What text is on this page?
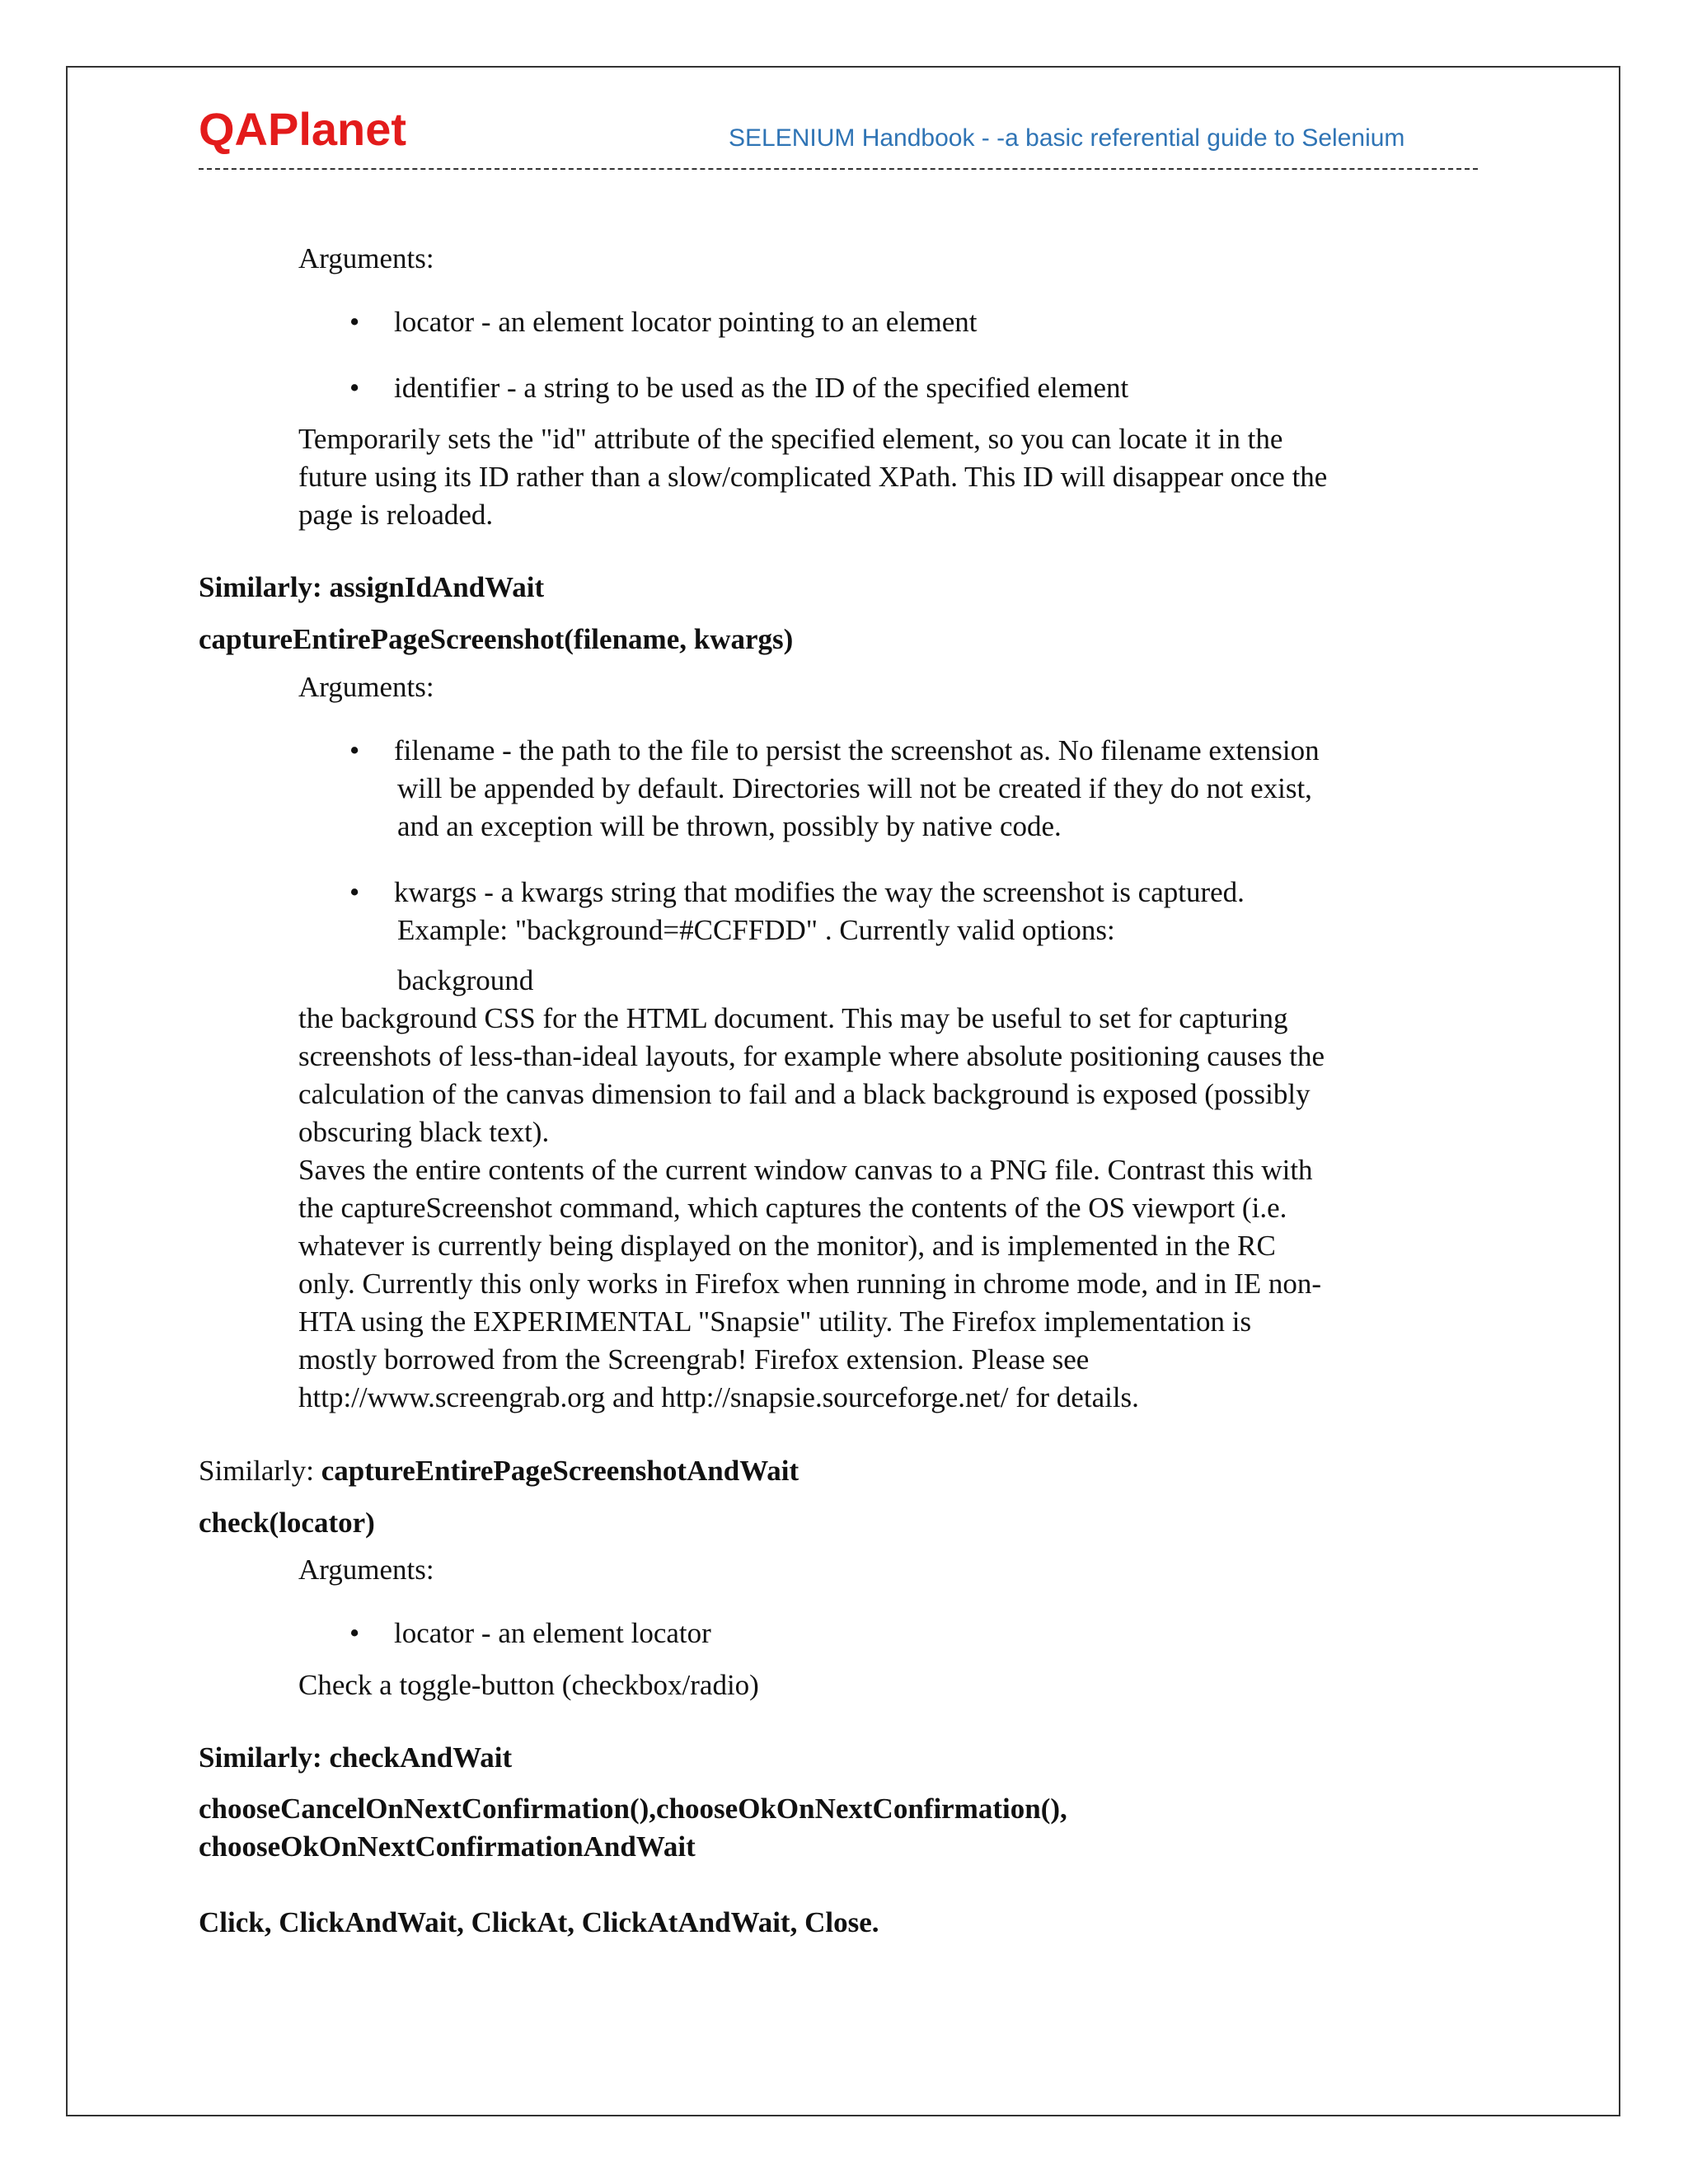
QAPlanet	SELENIUM Handbook - -a basic referential guide to Selenium
Arguments:
• locator - an element locator pointing to an element
• identifier - a string to be used as the ID of the specified element
Temporarily sets the "id" attribute of the specified element, so you can locate it in the
future using its ID rather than a slow/complicated XPath. This ID will disappear once the
page is reloaded.
Similarly: assignIdAndWait
captureEntirePageScreenshot(filename, kwargs)
Arguments:
• filename - the path to the file to persist the screenshot as. No filename extension
will be appended by default. Directories will not be created if they do not exist,
and an exception will be thrown, possibly by native code.
• kwargs - a kwargs string that modifies the way the screenshot is captured.
Example: "background=#CCFFDD" . Currently valid options:
background
the background CSS for the HTML document. This may be useful to set for capturing
screenshots of less-than-ideal layouts, for example where absolute positioning causes the
calculation of the canvas dimension to fail and a black background is exposed (possibly
obscuring black text).
Saves the entire contents of the current window canvas to a PNG file. Contrast this with
the captureScreenshot command, which captures the contents of the OS viewport (i.e.
whatever is currently being displayed on the monitor), and is implemented in the RC
only. Currently this only works in Firefox when running in chrome mode, and in IE non-
HTA using the EXPERIMENTAL "Snapsie" utility. The Firefox implementation is
mostly borrowed from the Screengrab! Firefox extension. Please see
http://www.screengrab.org and http://snapsie.sourceforge.net/ for details.
Similarly: captureEntirePageScreenshotAndWait
check(locator)
Arguments:
• locator - an element locator
Check a toggle-button (checkbox/radio)
Similarly: checkAndWait
chooseCancelOnNextConfirmation(),chooseOkOnNextConfirmation(),
chooseOkOnNextConfirmationAndWait
Click, ClickAndWait, ClickAt, ClickAtAndWait, Close.
